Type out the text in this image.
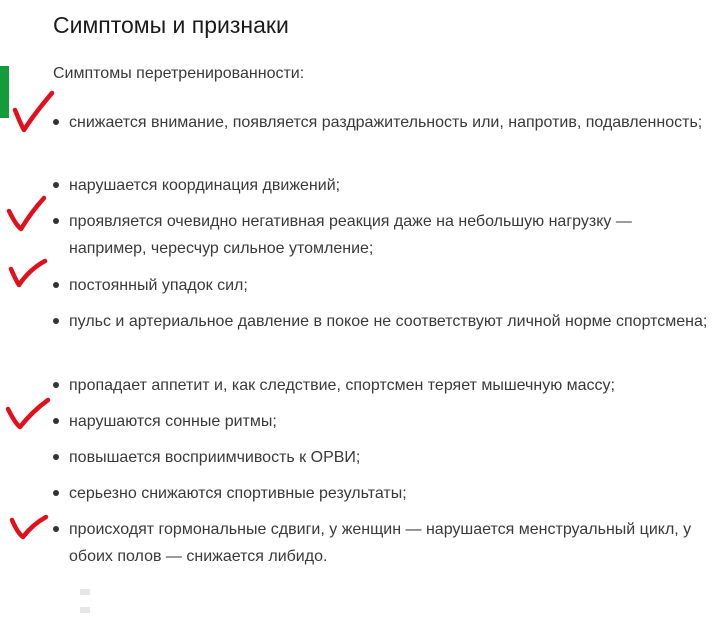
Симптомы и признаки
Симптомы перетренированности:
снижается внимание, появляется раздражительность или, напротив, подавленность;
нарушается координация движений;
проявляется очевидно негативная реакция даже на небольшую нагрузку — например, чересчур сильное утомление;
постоянный упадок сил;
пульс и артериальное давление в покое не соответствуют личной норме спортсмена;
пропадает аппетит и, как следствие, спортсмен теряет мышечную массу;
нарушаются сонные ритмы;
повышается восприимчивость к ОРВИ;
серьезно снижаются спортивные результаты;
происходят гормональные сдвиги, у женщин — нарушается менструальный цикл, у обоих полов — снижается либидо.
